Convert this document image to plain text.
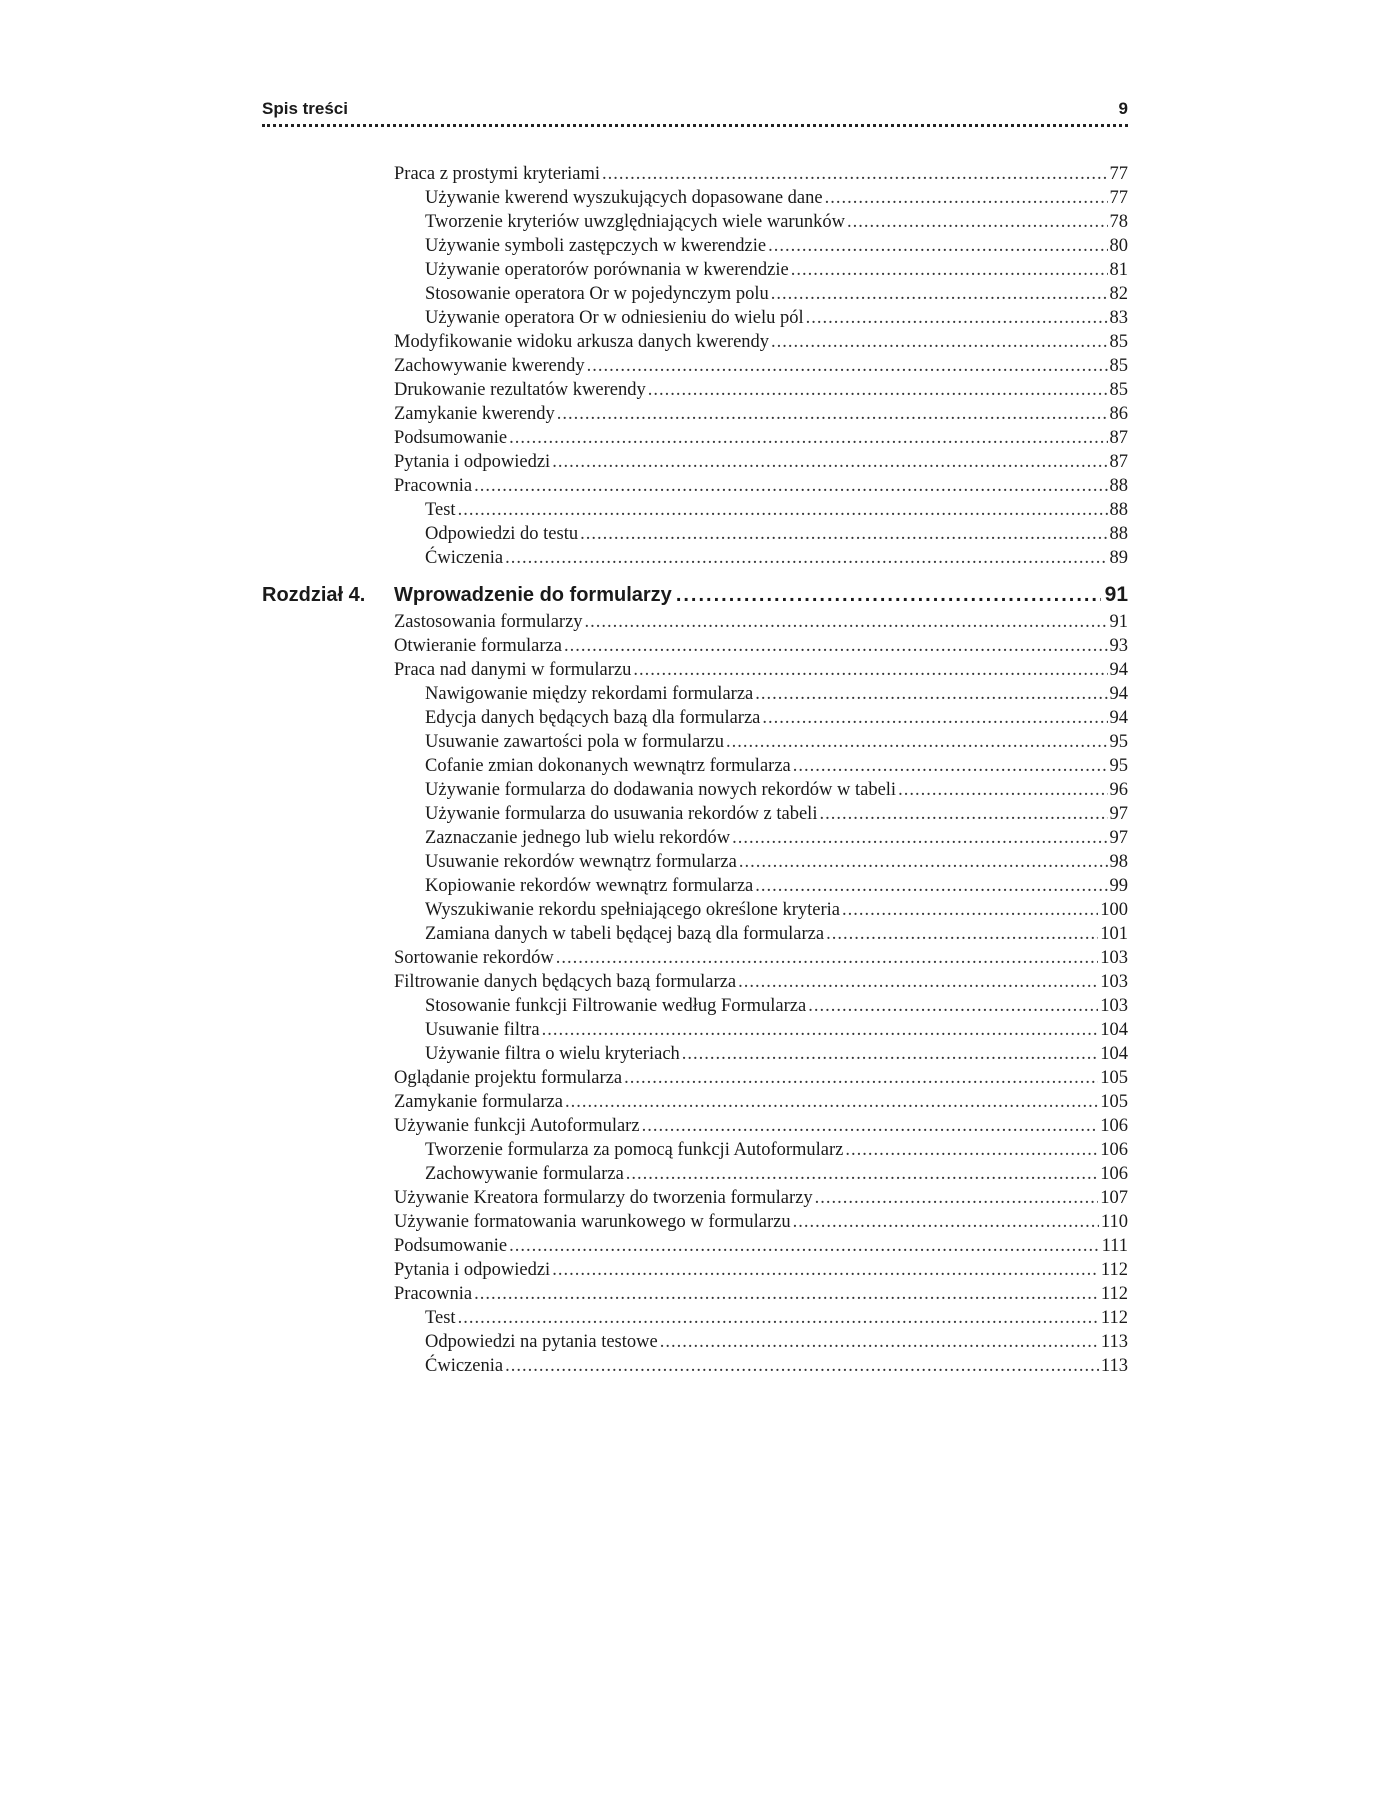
Spis treści	9
Praca z prostymi kryteriami .....	77
Używanie kwerend wyszukujących dopasowane dane .....	77
Tworzenie kryteriów uwzględniających wiele warunków .....	78
Używanie symboli zastępczych w kwerendzie .....	80
Używanie operatorów porównania w kwerendzie .....	81
Stosowanie operatora Or w pojedynczym polu .....	82
Używanie operatora Or w odniesieniu do wielu pól .....	83
Modyfikowanie widoku arkusza danych kwerendy .....	85
Zachowywanie kwerendy .....	85
Drukowanie rezultatów kwerendy .....	85
Zamykanie kwerendy .....	86
Podsumowanie .....	87
Pytania i odpowiedzi .....	87
Pracownia .....	88
Test .....	88
Odpowiedzi do testu .....	88
Ćwiczenia .....	89
Rozdział 4.	Wprowadzenie do formularzy .....	91
Zastosowania formularzy .....	91
Otwieranie formularza .....	93
Praca nad danymi w formularzu .....	94
Nawigowanie między rekordami formularza .....	94
Edycja danych będących bazą dla formularza .....	94
Usuwanie zawartości pola w formularzu .....	95
Cofanie zmian dokonanych wewnątrz formularza .....	95
Używanie formularza do dodawania nowych rekordów w tabeli .....	96
Używanie formularza do usuwania rekordów z tabeli .....	97
Zaznaczanie jednego lub wielu rekordów .....	97
Usuwanie rekordów wewnątrz formularza .....	98
Kopiowanie rekordów wewnątrz formularza .....	99
Wyszukiwanie rekordu spełniającego określone kryteria .....	100
Zamiana danych w tabeli będącej bazą dla formularza .....	101
Sortowanie rekordów .....	103
Filtrowanie danych będących bazą formularza .....	103
Stosowanie funkcji Filtrowanie według Formularza .....	103
Usuwanie filtra .....	104
Używanie filtra o wielu kryteriach .....	104
Oglądanie projektu formularza .....	105
Zamykanie formularza .....	105
Używanie funkcji Autoformularz .....	106
Tworzenie formularza za pomocą funkcji Autoformularz .....	106
Zachowywanie formularza .....	106
Używanie Kreatora formularzy do tworzenia formularzy .....	107
Używanie formatowania warunkowego w formularzu .....	110
Podsumowanie .....	111
Pytania i odpowiedzi .....	112
Pracownia .....	112
Test .....	112
Odpowiedzi na pytania testowe .....	113
Ćwiczenia .....	113
